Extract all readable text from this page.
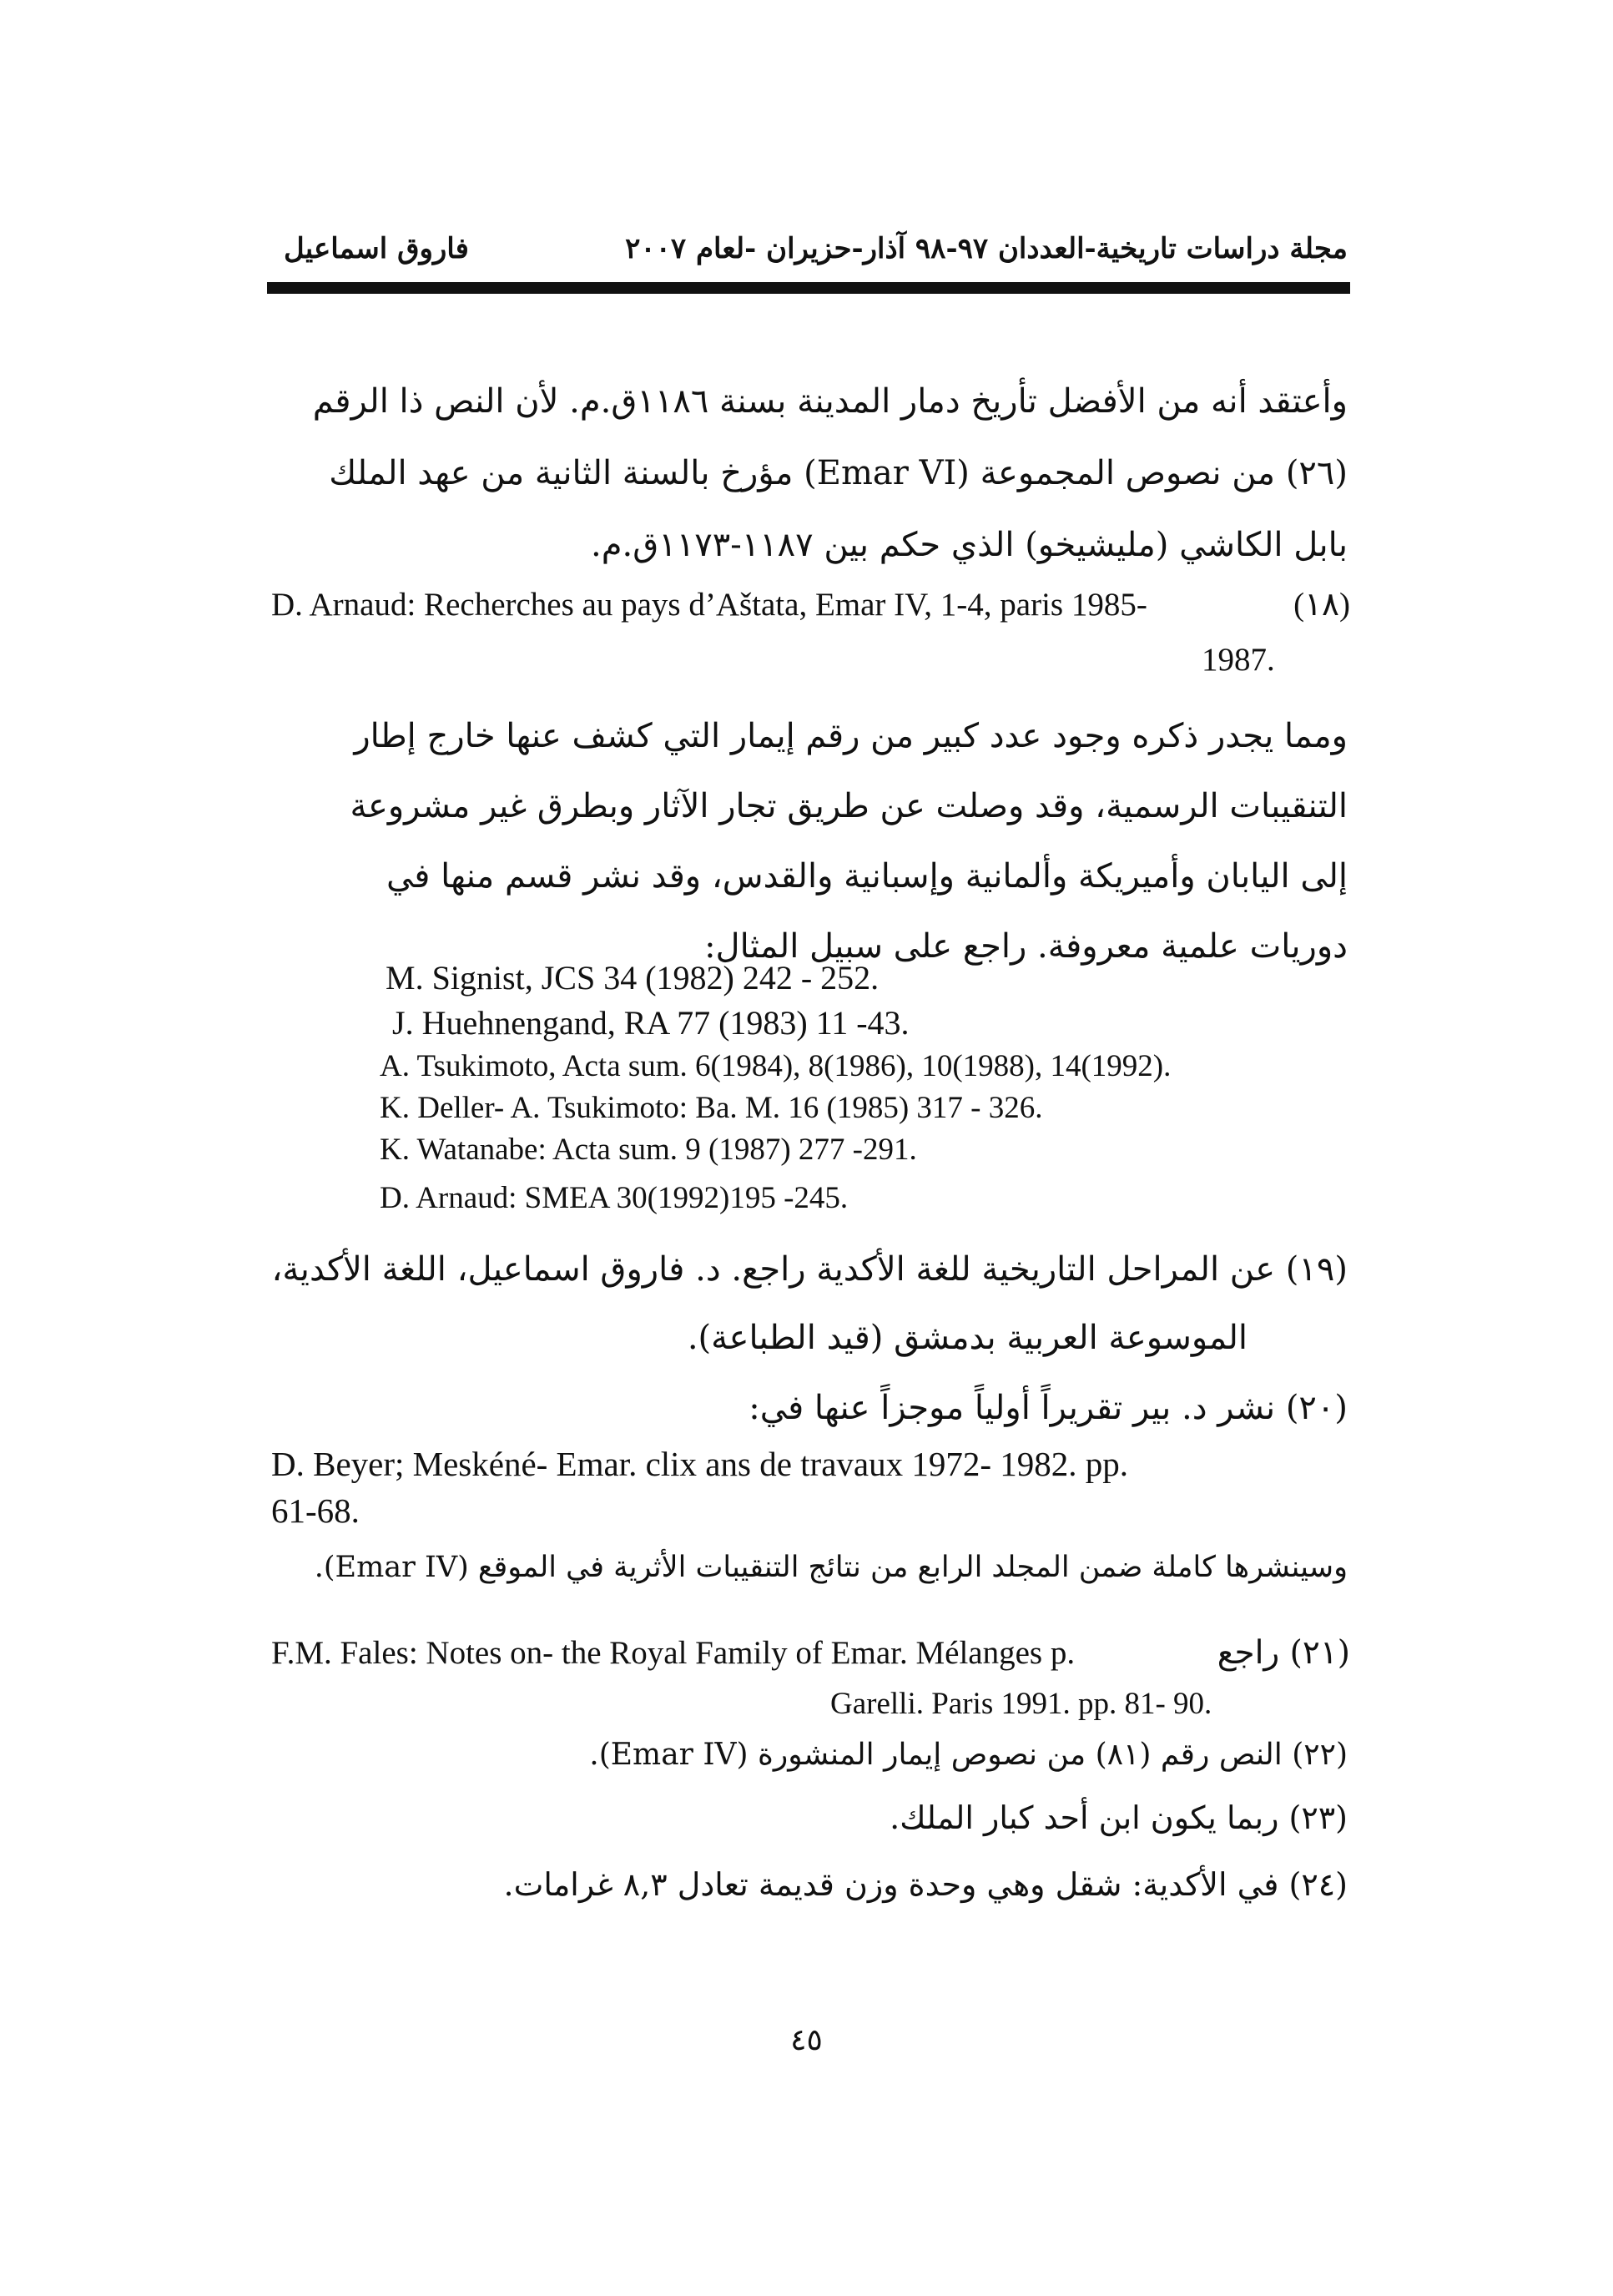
فاروق اسماعيل	مجلة دراسات تاريخية-العددان ٩٧-٩٨ آذار-حزيران -لعام ٢٠٠٧
وأعتقد أنه من الأفضل تأريخ دمار المدينة بسنة ١١٨٦ق.م. لأن النص ذا الرقم
(٢٦) من نصوص المجموعة (Emar VI) مؤرخ بالسنة الثانية من عهد الملك
بابل الكاشي (مليشيخو) الذي حكم بين ١١٨٧-١١٧٣ق.م.
D. Arnaud: Recherches au pays d’Aštata, Emar IV, 1-4, paris 1985-	(١٨)
1987.
ومما يجدر ذكره وجود عدد كبير من رقم إيمار التي كشف عنها خارج إطار
التنقيبات الرسمية، وقد وصلت عن طريق تجار الآثار وبطرق غير مشروعة
إلى اليابان وأميريكة وألمانية وإسبانية والقدس، وقد نشر قسم منها في
دوريات علمية معروفة. راجع على سبيل المثال:
M. Signist, JCS 34 (1982) 242 - 252.
J. Huehnengand, RA 77 (1983) 11 -43.
A. Tsukimoto, Acta sum. 6(1984), 8(1986), 10(1988), 14(1992).
K. Deller- A. Tsukimoto: Ba. M. 16 (1985) 317 - 326.
K. Watanabe: Acta sum. 9 (1987) 277 -291.
D. Arnaud: SMEA 30(1992)195 -245.
(١٩) عن المراحل التاريخية للغة الأكدية راجع. د. فاروق اسماعيل، اللغة الأكدية،
الموسوعة العربية بدمشق (قيد الطباعة).
(٢٠) نشر د. بير تقريراً أولياً موجزاً عنها في:
D. Beyer; Meskéné- Emar. clix ans de travaux 1972- 1982. pp.
61-68.
وسينشرها كاملة ضمن المجلد الرابع من نتائج التنقيبات الأثرية في الموقع (Emar IV).
F.M. Fales: Notes on- the Royal Family of Emar. Mélanges p.	(٢١) راجع
Garelli. Paris 1991. pp. 81- 90.
(٢٢) النص رقم (٨١) من نصوص إيمار المنشورة (Emar IV).
(٢٣) ربما يكون ابن أحد كبار الملك.
(٢٤) في الأكدية: شقل وهي وحدة وزن قديمة تعادل ٨,٣ غرامات.
٤٥
